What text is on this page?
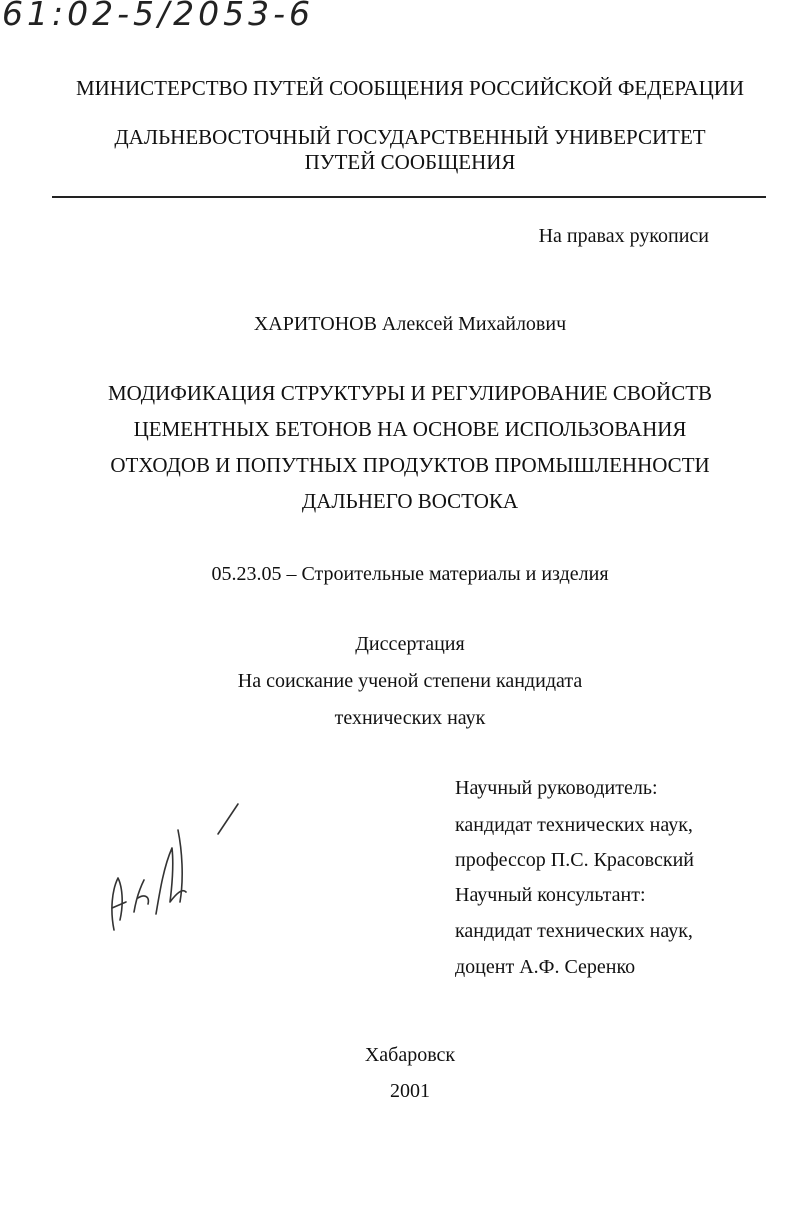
61:02-5/2053-6
МИНИСТЕРСТВО ПУТЕЙ СООБЩЕНИЯ РОССИЙСКОЙ ФЕДЕРАЦИИ
ДАЛЬНЕВОСТОЧНЫЙ ГОСУДАРСТВЕННЫЙ УНИВЕРСИТЕТ
ПУТЕЙ СООБЩЕНИЯ
На правах рукописи
ХАРИТОНОВ Алексей Михайлович
МОДИФИКАЦИЯ СТРУКТУРЫ И РЕГУЛИРОВАНИЕ СВОЙСТВ
ЦЕМЕНТНЫХ БЕТОНОВ НА ОСНОВЕ ИСПОЛЬЗОВАНИЯ
ОТХОДОВ И ПОПУТНЫХ ПРОДУКТОВ ПРОМЫШЛЕННОСТИ
ДАЛЬНЕГО ВОСТОКА
05.23.05 – Строительные материалы и изделия
Диссертация
На соискание ученой степени кандидата
технических наук
Научный руководитель:
кандидат технических наук,
профессор П.С. Красовский
Научный консультант:
кандидат технических наук,
доцент А.Ф. Серенко
Хабаровск
2001
